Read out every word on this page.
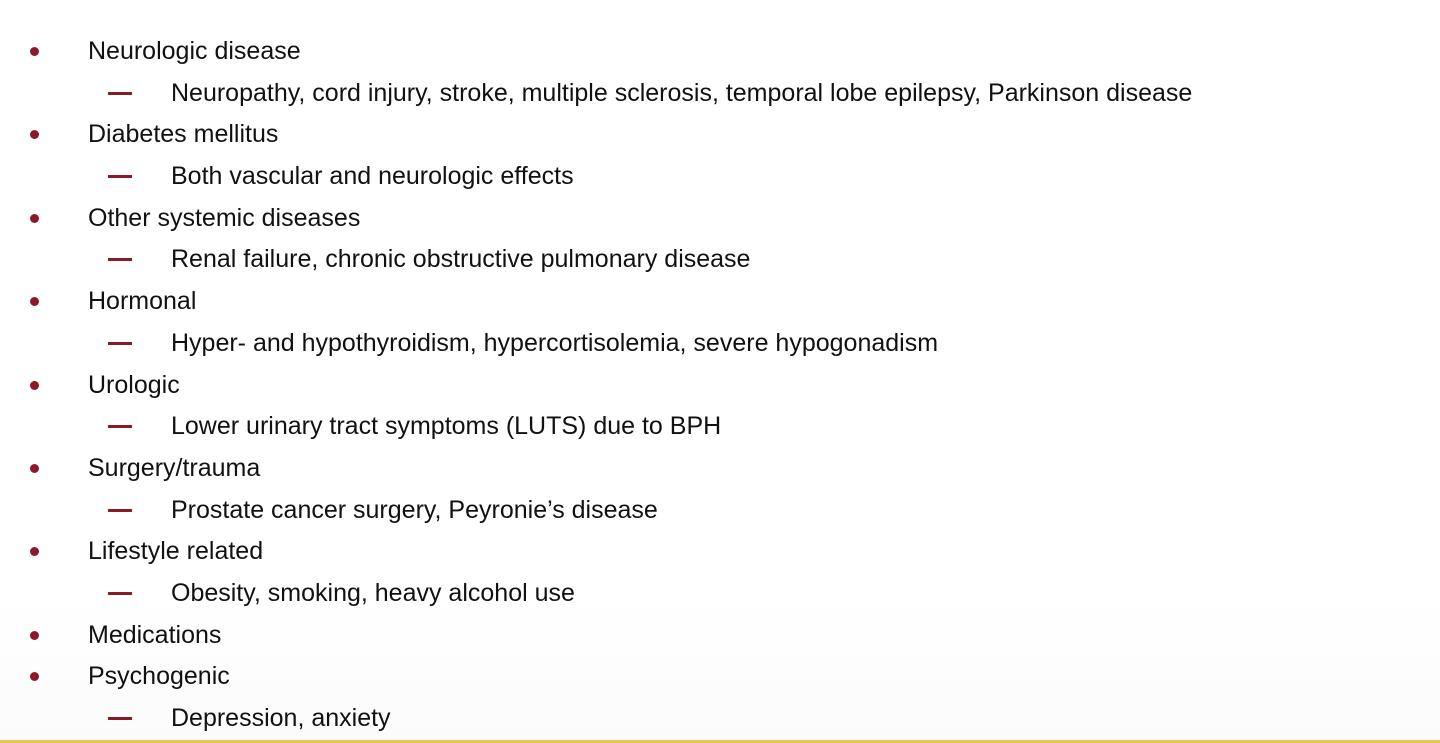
Neurologic disease
Neuropathy, cord injury, stroke, multiple sclerosis, temporal lobe epilepsy, Parkinson disease
Diabetes mellitus
Both vascular and neurologic effects
Other systemic diseases
Renal failure, chronic obstructive pulmonary disease
Hormonal
Hyper- and hypothyroidism, hypercortisolemia, severe hypogonadism
Urologic
Lower urinary tract symptoms (LUTS) due to BPH
Surgery/trauma
Prostate cancer surgery, Peyronie’s disease
Lifestyle related
Obesity, smoking, heavy alcohol use
Medications
Psychogenic
Depression, anxiety
